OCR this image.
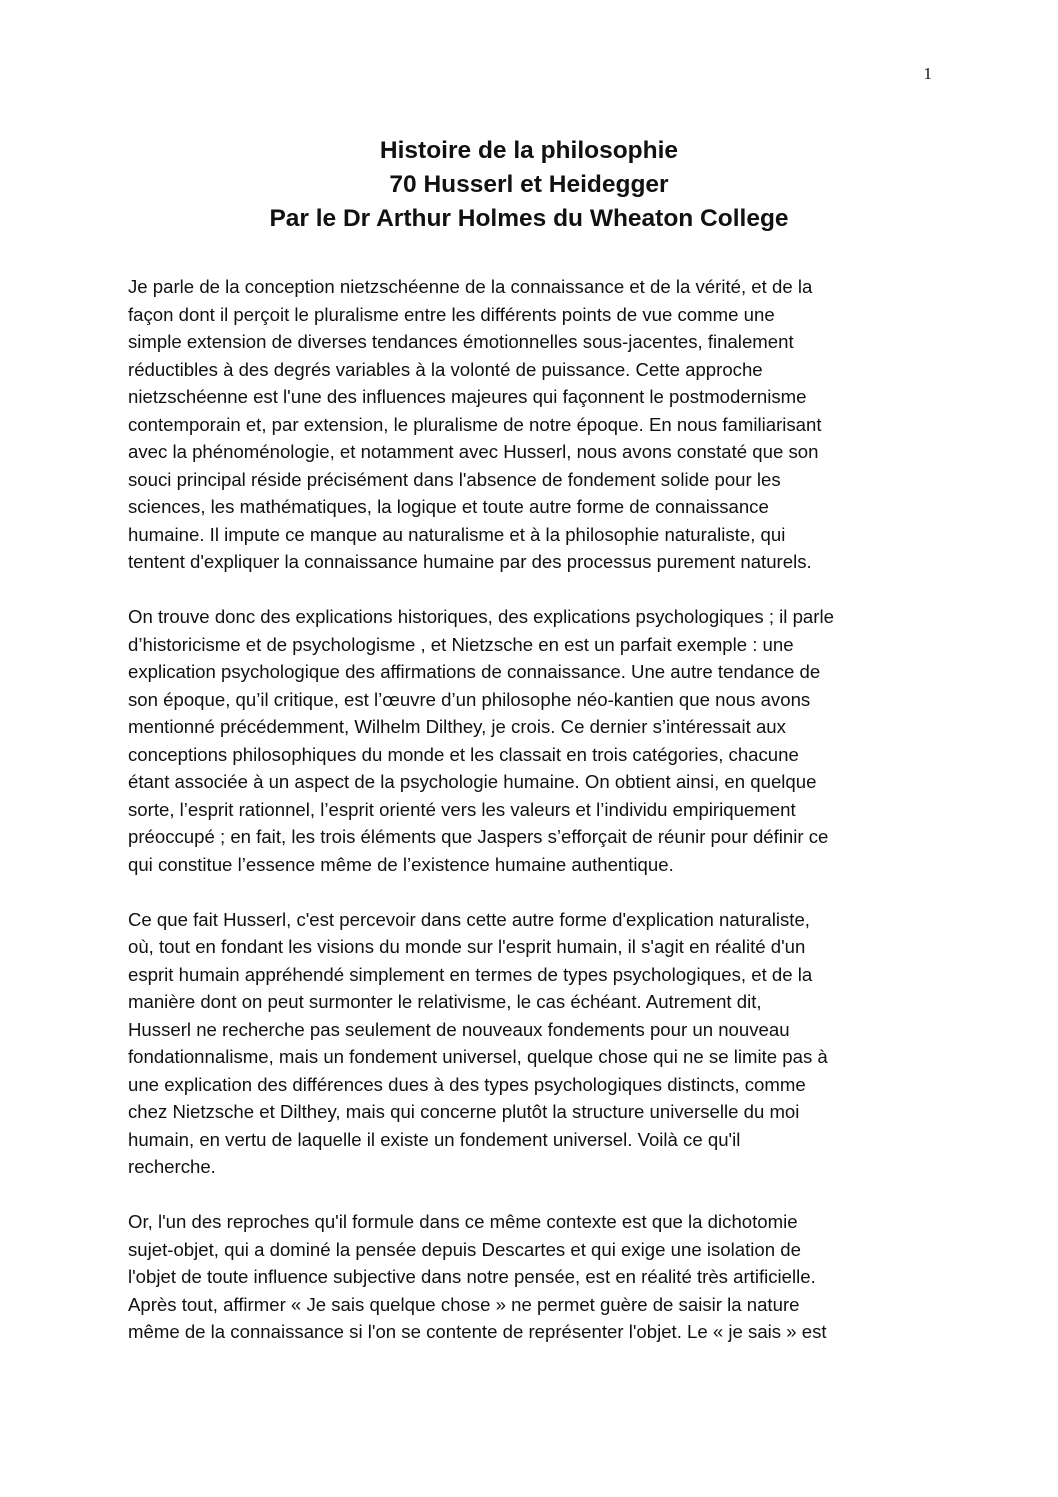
1
Histoire de la philosophie
70 Husserl et Heidegger
Par le Dr Arthur Holmes du Wheaton College
Je parle de la conception nietzschéenne de la connaissance et de la vérité, et de la
façon dont il perçoit le pluralisme entre les différents points de vue comme une
simple extension de diverses tendances émotionnelles sous-jacentes, finalement
réductibles à des degrés variables à la volonté de puissance. Cette approche
nietzschéenne est l'une des influences majeures qui façonnent le postmodernisme
contemporain et, par extension, le pluralisme de notre époque. En nous familiarisant
avec la phénoménologie, et notamment avec Husserl, nous avons constaté que son
souci principal réside précisément dans l'absence de fondement solide pour les
sciences, les mathématiques, la logique et toute autre forme de connaissance
humaine. Il impute ce manque au naturalisme et à la philosophie naturaliste, qui
tentent d'expliquer la connaissance humaine par des processus purement naturels.
On trouve donc des explications historiques, des explications psychologiques ; il parle
d’historicisme et de psychologisme , et Nietzsche en est un parfait exemple : une
explication psychologique des affirmations de connaissance. Une autre tendance de
son époque, qu’il critique, est l’œuvre d’un philosophe néo-kantien que nous avons
mentionné précédemment, Wilhelm Dilthey, je crois. Ce dernier s’intéressait aux
conceptions philosophiques du monde et les classait en trois catégories, chacune
étant associée à un aspect de la psychologie humaine. On obtient ainsi, en quelque
sorte, l’esprit rationnel, l’esprit orienté vers les valeurs et l’individu empiriquement
préoccupé ; en fait, les trois éléments que Jaspers s’efforçait de réunir pour définir ce
qui constitue l’essence même de l’existence humaine authentique.
Ce que fait Husserl, c'est percevoir dans cette autre forme d'explication naturaliste,
où, tout en fondant les visions du monde sur l'esprit humain, il s'agit en réalité d'un
esprit humain appréhendé simplement en termes de types psychologiques, et de la
manière dont on peut surmonter le relativisme, le cas échéant. Autrement dit,
Husserl ne recherche pas seulement de nouveaux fondements pour un nouveau
fondationnalisme, mais un fondement universel, quelque chose qui ne se limite pas à
une explication des différences dues à des types psychologiques distincts, comme
chez Nietzsche et Dilthey, mais qui concerne plutôt la structure universelle du moi
humain, en vertu de laquelle il existe un fondement universel. Voilà ce qu'il
recherche.
Or, l'un des reproches qu'il formule dans ce même contexte est que la dichotomie
sujet-objet, qui a dominé la pensée depuis Descartes et qui exige une isolation de
l'objet de toute influence subjective dans notre pensée, est en réalité très artificielle.
Après tout, affirmer « Je sais quelque chose » ne permet guère de saisir la nature
même de la connaissance si l'on se contente de représenter l'objet. Le « je sais » est
